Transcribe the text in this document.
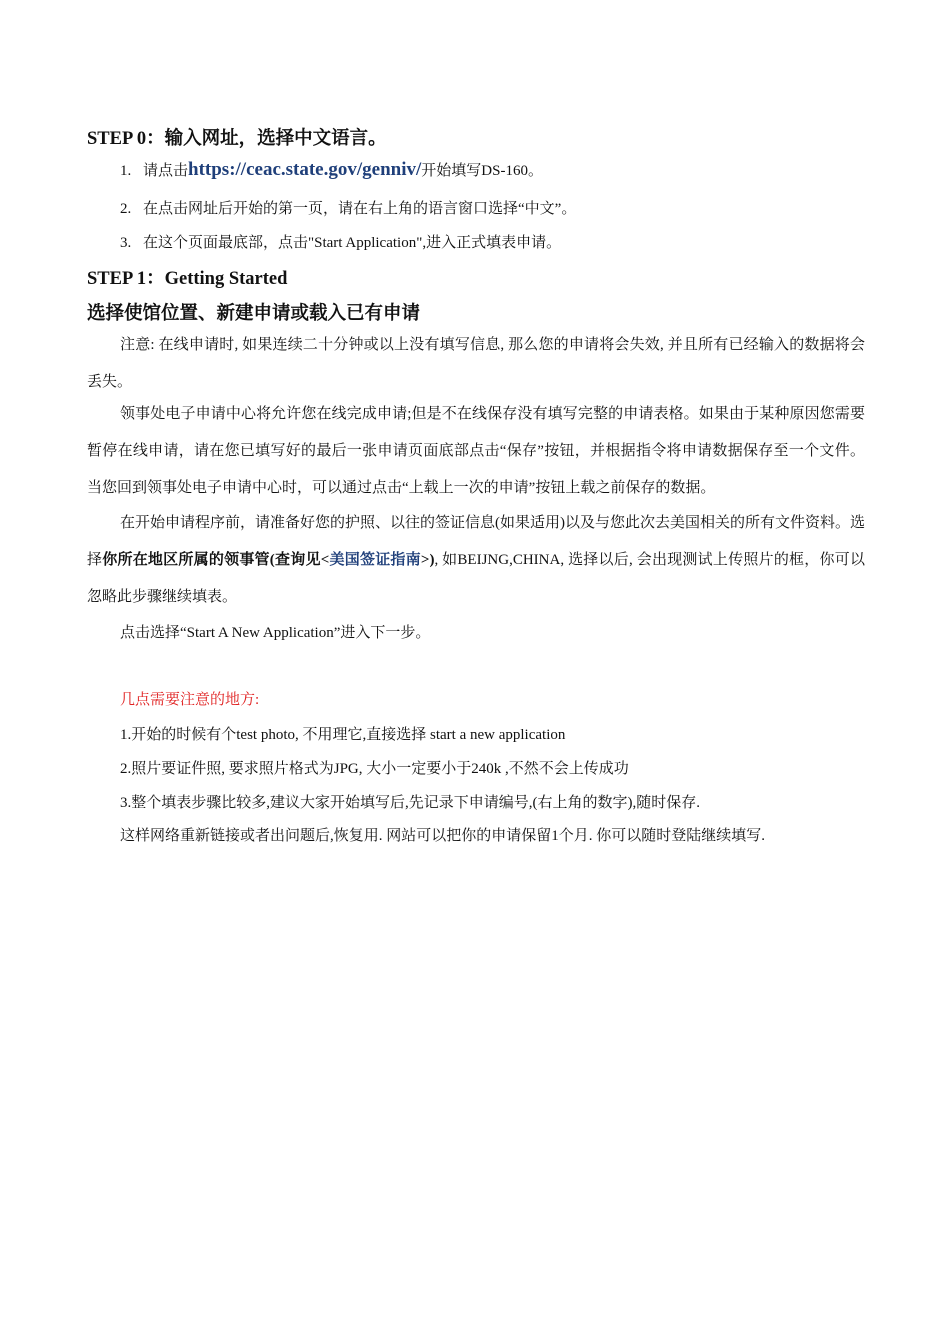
STEP 0：输入网址，选择中文语言。
1. 请点击https://ceac.state.gov/genniv/开始填写DS-160。
2. 在点击网址后开始的第一页，请在右上角的语言窗口选择“中文”。
3. 在这个页面最底部，点击"Start Application",进入正式填表申请。
STEP 1：Getting Started
选择使馆位置、新建申请或载入已有申请
注意: 在线申请时, 如果连续二十分钟或以上没有填写信息, 那么您的申请将会失效, 并且所有已经输入的数据将会丢失。
领事处电子申请中心将允许您在线完成申请;但是不在线保存没有填写完整的申请表格。如果由于某种原因您需要暂停在线申请，请在您已填写好的最后一张申请页面底部点击“保存”按钮，并根据指令将申请数据保存至一个文件。当您回到领事处电子申请中心时，可以通过点击“上载上一次的申请”按钮上载之前保存的数据。
在开始申请程序前，请准备好您的护照、以往的签证信息(如果适用)以及与您此次去美国相关的所有文件资料。选择你所在地区所属的领事管(查询见<美国签证指南>), 如BEIJNG,CHINA, 选择以后, 会出现测试上传照片的框，你可以忽略此步骤继续填表。
点击选择“Start A New Application”进入下一步。
几点需要注意的地方:
1.开始的时候有个test photo, 不用理它,直接选择 start a new application
2.照片要证件照, 要求照片格式为JPG, 大小一定要小于240k ,不然不会上传成功
3.整个填表步骤比较多,建议大家开始填写后,先记录下申请编号,(右上角的数字),随时保存.
这样网络重新链接或者出问题后,恢复用. 网站可以把你的申请保留1个月. 你可以随时登陆继续填写.
